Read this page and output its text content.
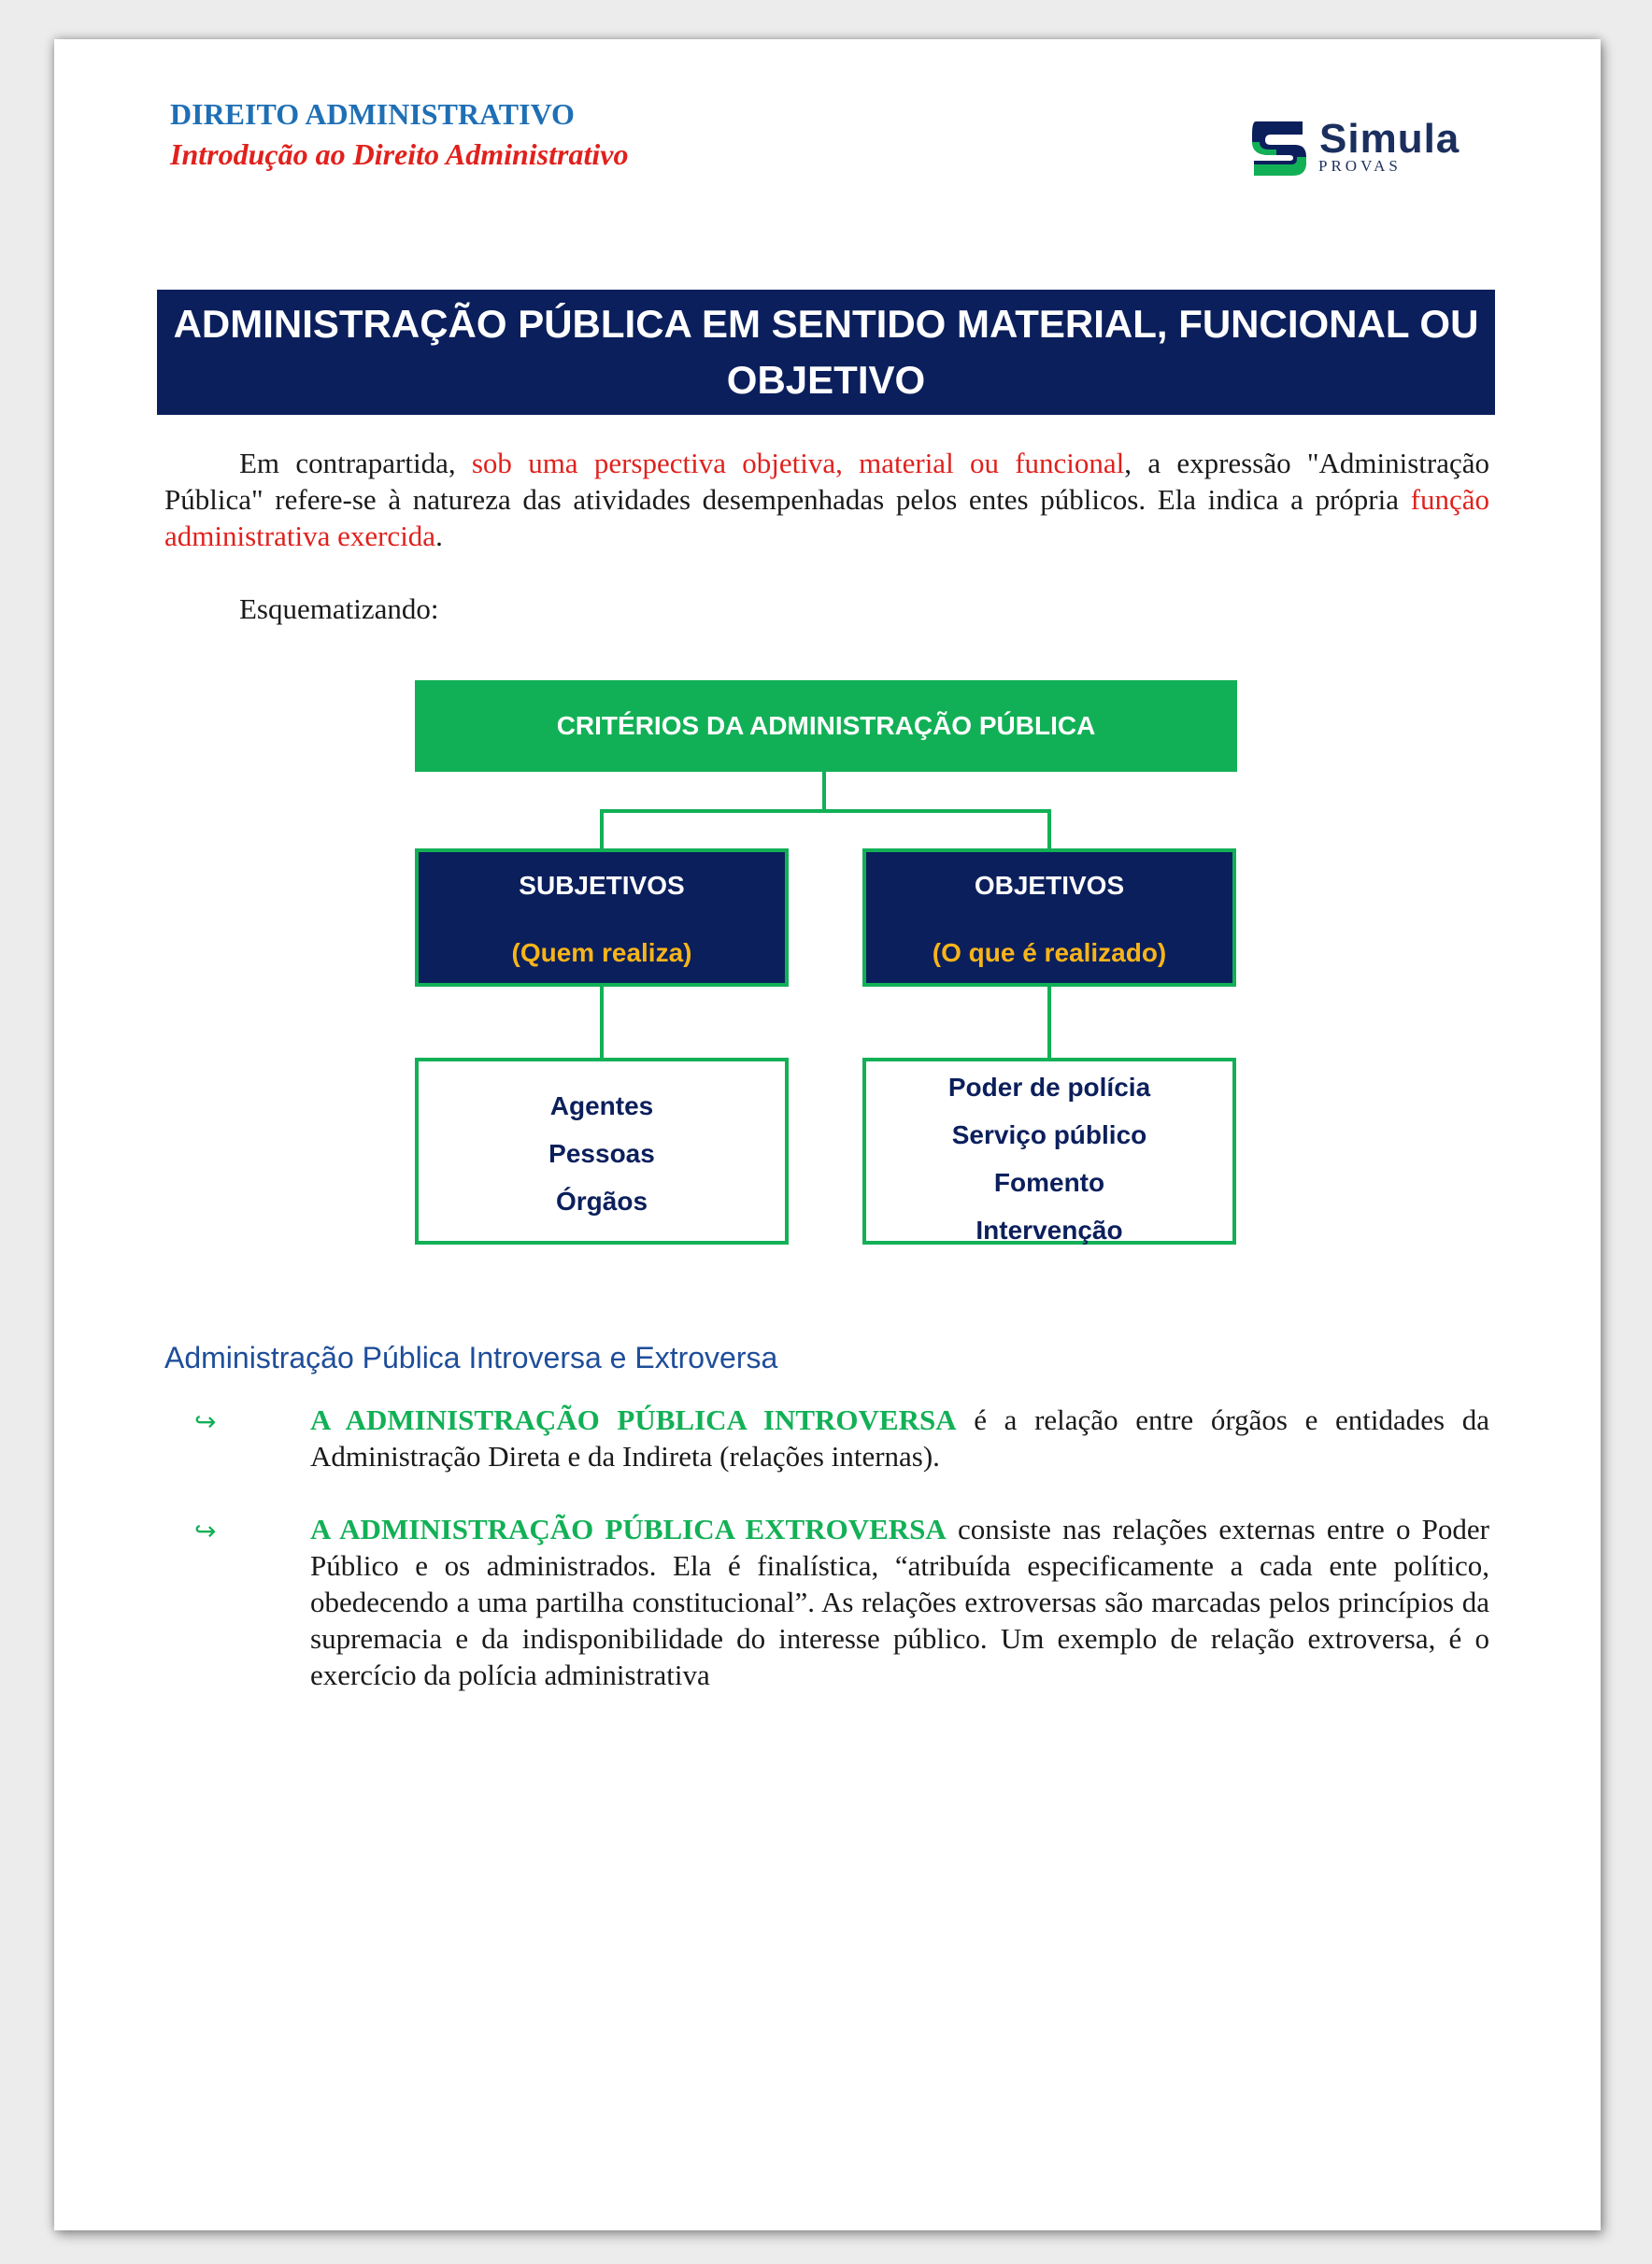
DIREITO ADMINISTRATIVO
Introdução ao Direito Administrativo	Simula
PROVAS
ADMINISTRAÇÃO PÚBLICA EM SENTIDO MATERIAL, FUNCIONAL OU
OBJETIVO
Em contrapartida, sob uma perspectiva objetiva, material ou funcional, a expressão "Administração Pública" refere-se à natureza das atividades desempenhadas pelos entes públicos. Ela indica a própria função administrativa exercida.
Esquematizando:
CRITÉRIOS DA ADMINISTRAÇÃO PÚBLICA
SUBJETIVOS
(Quem realiza)
OBJETIVOS
(O que é realizado)
Agentes
Pessoas
Órgãos
Poder de polícia
Serviço público
Fomento
Intervenção
Administração Pública Introversa e Extroversa
↪	A ADMINISTRAÇÃO PÚBLICA INTROVERSA é a relação entre órgãos e entidades da Administração Direta e da Indireta (relações internas).
↪	A ADMINISTRAÇÃO PÚBLICA EXTROVERSA consiste nas relações externas entre o Poder Público e os administrados. Ela é finalística, “atribuída especificamente a cada ente político, obedecendo a uma partilha constitucional”. As relações extroversas são marcadas pelos princípios da supremacia e da indisponibilidade do interesse público. Um exemplo de relação extroversa, é o exercício da polícia administrativa
